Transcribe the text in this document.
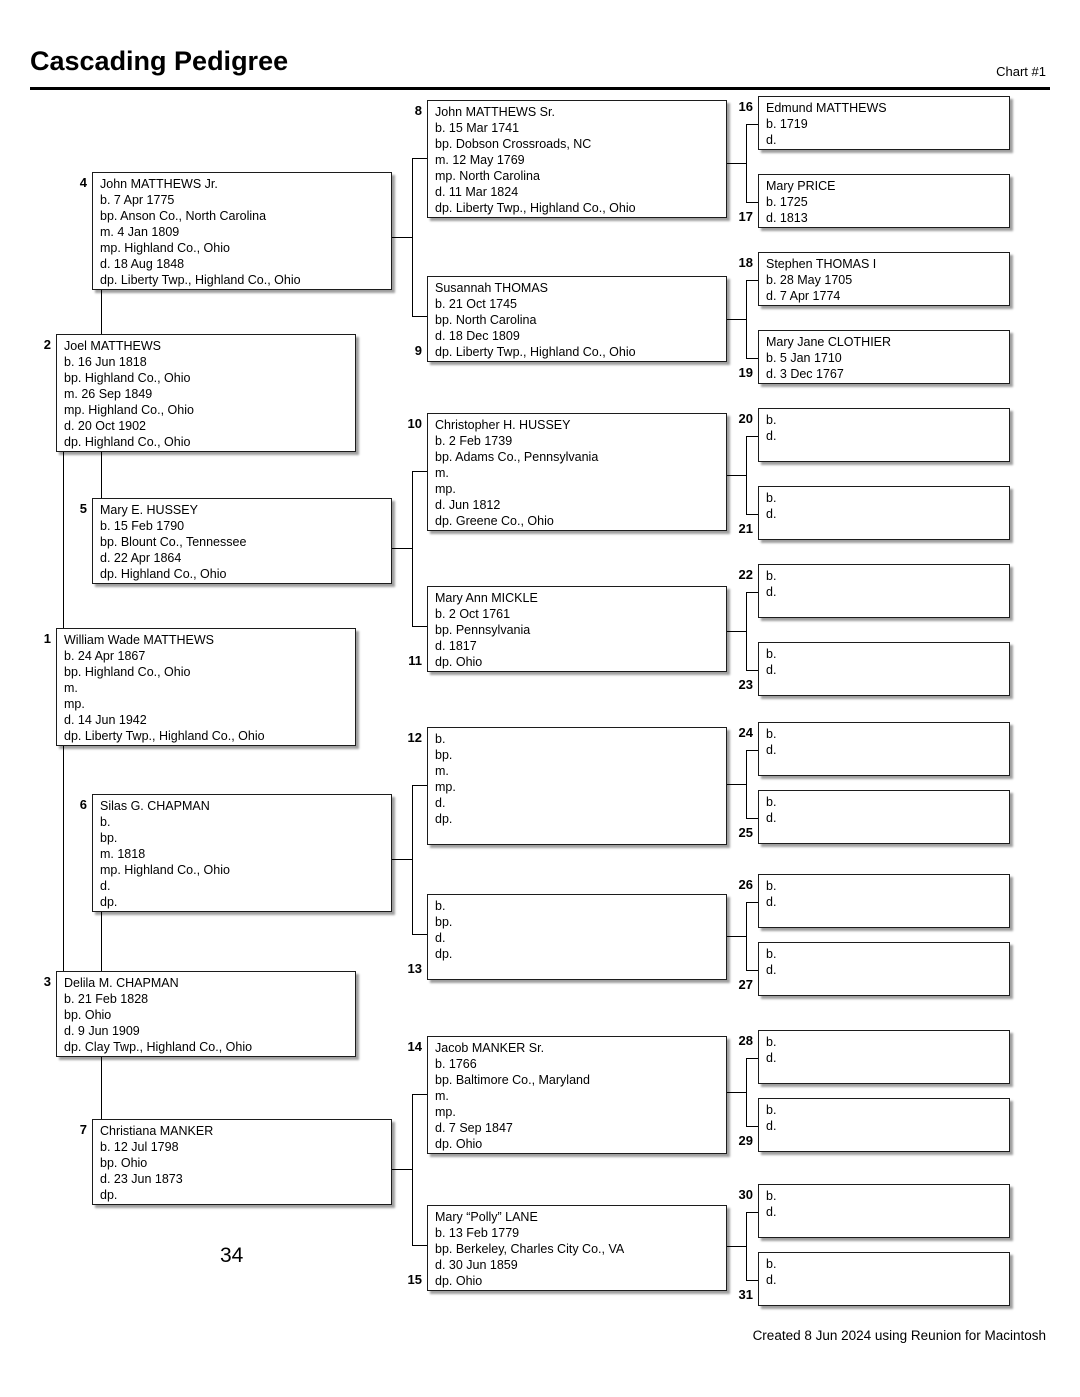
Cascading Pedigree	Chart #1
William Wade MATTHEWS
b. 24 Apr 1867
bp. Highland Co., Ohio
m.
mp.
d. 14 Jun 1942
dp. Liberty Twp., Highland Co., Ohio
1
Joel MATTHEWS
b. 16 Jun 1818
bp. Highland Co., Ohio
m. 26 Sep 1849
mp. Highland Co., Ohio
d. 20 Oct 1902
dp. Highland Co., Ohio
2
Delila M. CHAPMAN
b. 21 Feb 1828
bp. Ohio
d. 9 Jun 1909
dp. Clay Twp., Highland Co., Ohio
3
John MATTHEWS Jr.
b. 7 Apr 1775
bp. Anson Co., North Carolina
m. 4 Jan 1809
mp. Highland Co., Ohio
d. 18 Aug 1848
dp. Liberty Twp., Highland Co., Ohio
4
Mary E. HUSSEY
b. 15 Feb 1790
bp. Blount Co., Tennessee
d. 22 Apr 1864
dp. Highland Co., Ohio
5
Silas G. CHAPMAN
b.
bp.
m. 1818
mp. Highland Co., Ohio
d.
dp.
6
Christiana MANKER
b. 12 Jul 1798
bp. Ohio
d. 23 Jun 1873
dp.
7
John MATTHEWS Sr.
b. 15 Mar 1741
bp. Dobson Crossroads, NC
m. 12 May 1769
mp. North Carolina
d. 11 Mar 1824
dp. Liberty Twp., Highland Co., Ohio
8
Susannah THOMAS
b. 21 Oct 1745
bp. North Carolina
d. 18 Dec 1809
dp. Liberty Twp., Highland Co., Ohio
9
Christopher H. HUSSEY
b. 2 Feb 1739
bp. Adams Co., Pennsylvania
m.
mp.
d. Jun 1812
dp. Greene Co., Ohio
10
Mary Ann MICKLE
b. 2 Oct 1761
bp. Pennsylvania
d. 1817
dp. Ohio
11
b.
bp.
m.
mp.
d.
dp.
12
b.
bp.
d.
dp.
13
Jacob MANKER Sr.
b. 1766
bp. Baltimore Co., Maryland
m.
mp.
d. 7 Sep 1847
dp. Ohio
14
Mary “Polly” LANE
b. 13 Feb 1779
bp. Berkeley, Charles City Co., VA
d. 30 Jun 1859
dp. Ohio
15
Edmund MATTHEWS
b. 1719
d.
16
Mary PRICE
b. 1725
d. 1813
17
Stephen THOMAS I
b. 28 May 1705
d. 7 Apr 1774
18
Mary Jane CLOTHIER
b. 5 Jan 1710
d. 3 Dec 1767
19
b.
d.
20
b.
d.
21
b.
d.
22
b.
d.
23
b.
d.
24
b.
d.
25
b.
d.
26
b.
d.
27
b.
d.
28
b.
d.
29
b.
d.
30
b.
d.
31
34
Created 8 Jun 2024 using Reunion for Macintosh
